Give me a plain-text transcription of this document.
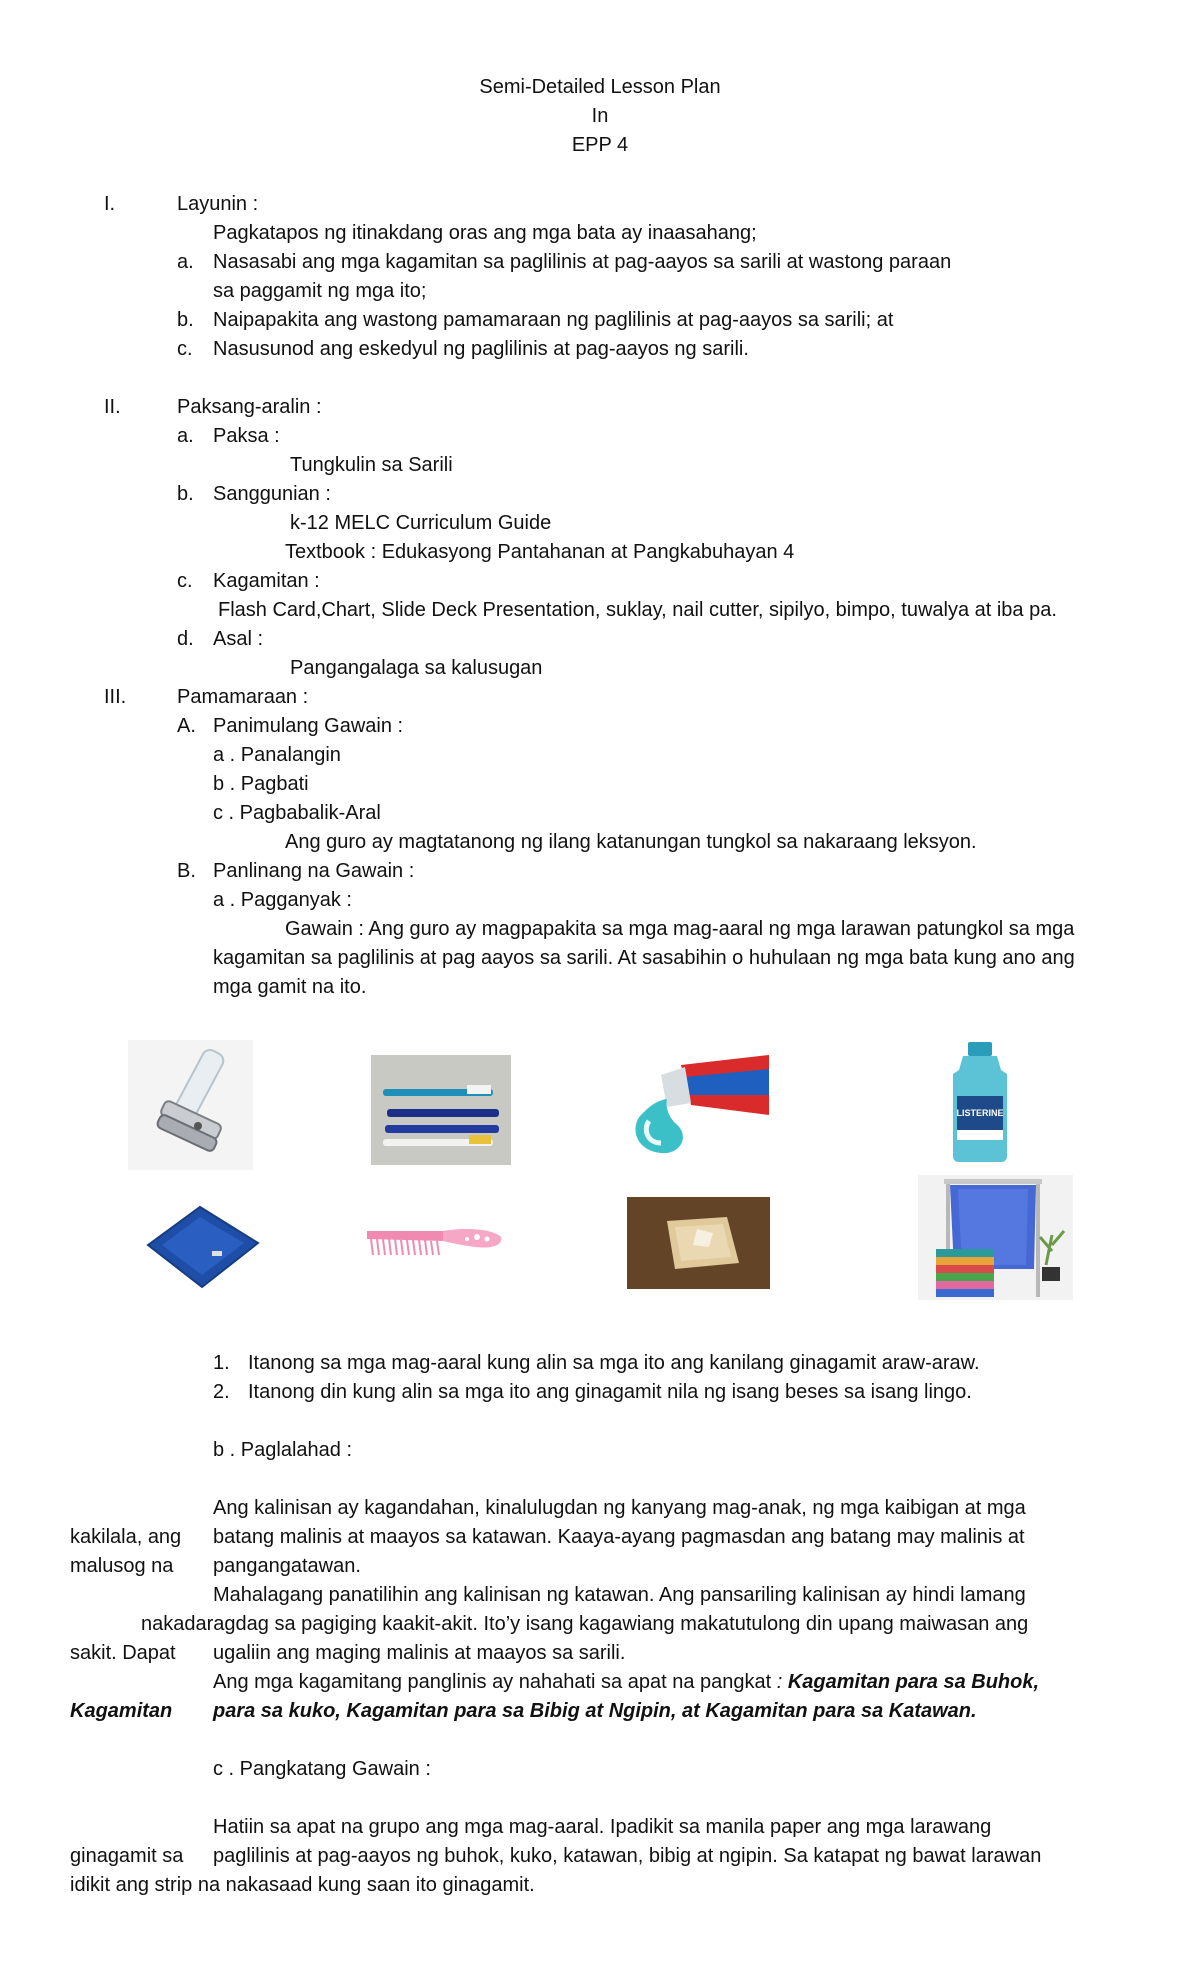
Semi-Detailed Lesson Plan
In
EPP 4
I.	Layunin :
Pagkatapos ng itinakdang oras ang mga bata ay inaasahang;
a. Nasasabi ang mga kagamitan sa paglilinis at pag-aayos sa sarili at wastong paraan
sa paggamit ng mga ito;
b. Naipapakita ang wastong pamamaraan ng paglilinis at pag-aayos sa sarili; at
c. Nasusunod ang eskedyul ng paglilinis at pag-aayos ng sarili.
II.	Paksang-aralin :
a. Paksa :
Tungkulin sa Sarili
b. Sanggunian :
k-12 MELC Curriculum Guide
Textbook : Edukasyong Pantahanan at Pangkabuhayan 4
c. Kagamitan :
Flash Card,Chart, Slide Deck Presentation, suklay, nail cutter, sipilyo, bimpo, tuwalya at iba pa.
d. Asal :
Pangangalaga sa kalusugan
III.	Pamamaraan :
A. Panimulang Gawain :
a . Panalangin
b . Pagbati
c . Pagbabalik-Aral
Ang guro ay magtatanong ng ilang katanungan tungkol sa nakaraang leksyon.
B. Panlinang na Gawain :
a . Pagganyak :
Gawain : Ang guro ay magpapakita sa mga mag-aaral ng mga larawan patungkol sa mga
kagamitan sa paglilinis at pag aayos sa sarili. At sasabihin o huhulaan ng mga bata kung ano ang
mga gamit na ito.
LISTERINE
1. Itanong sa mga mag-aaral kung alin sa mga ito ang kanilang ginagamit araw-araw.
2. Itanong din kung alin sa mga ito ang ginagamit nila ng isang beses sa isang lingo.
b . Paglalahad :
Ang kalinisan ay kagandahan, kinalulugdan ng kanyang mag-anak, ng mga kaibigan at mga
kakilala, ang batang malinis at maayos sa katawan. Kaaya-ayang pagmasdan ang batang may malinis at
malusog na pangangatawan.
Mahalagang panatilihin ang kalinisan ng katawan. Ang pansariling kalinisan ay hindi lamang
nakadaragdag sa pagiging kaakit-akit. Ito’y isang kagawiang makatutulong din upang maiwasan ang
sakit. Dapat ugaliin ang maging malinis at maayos sa sarili.
Ang mga kagamitang panglinis ay nahahati sa apat na pangkat : Kagamitan para sa Buhok,
Kagamitan para sa kuko, Kagamitan para sa Bibig at Ngipin, at Kagamitan para sa Katawan.
c . Pangkatang Gawain :
Hatiin sa apat na grupo ang mga mag-aaral. Ipadikit sa manila paper ang mga larawang
ginagamit sa paglilinis at pag-aayos ng buhok, kuko, katawan, bibig at ngipin. Sa katapat ng bawat larawan
idikit ang strip na nakasaad kung saan ito ginagamit.
